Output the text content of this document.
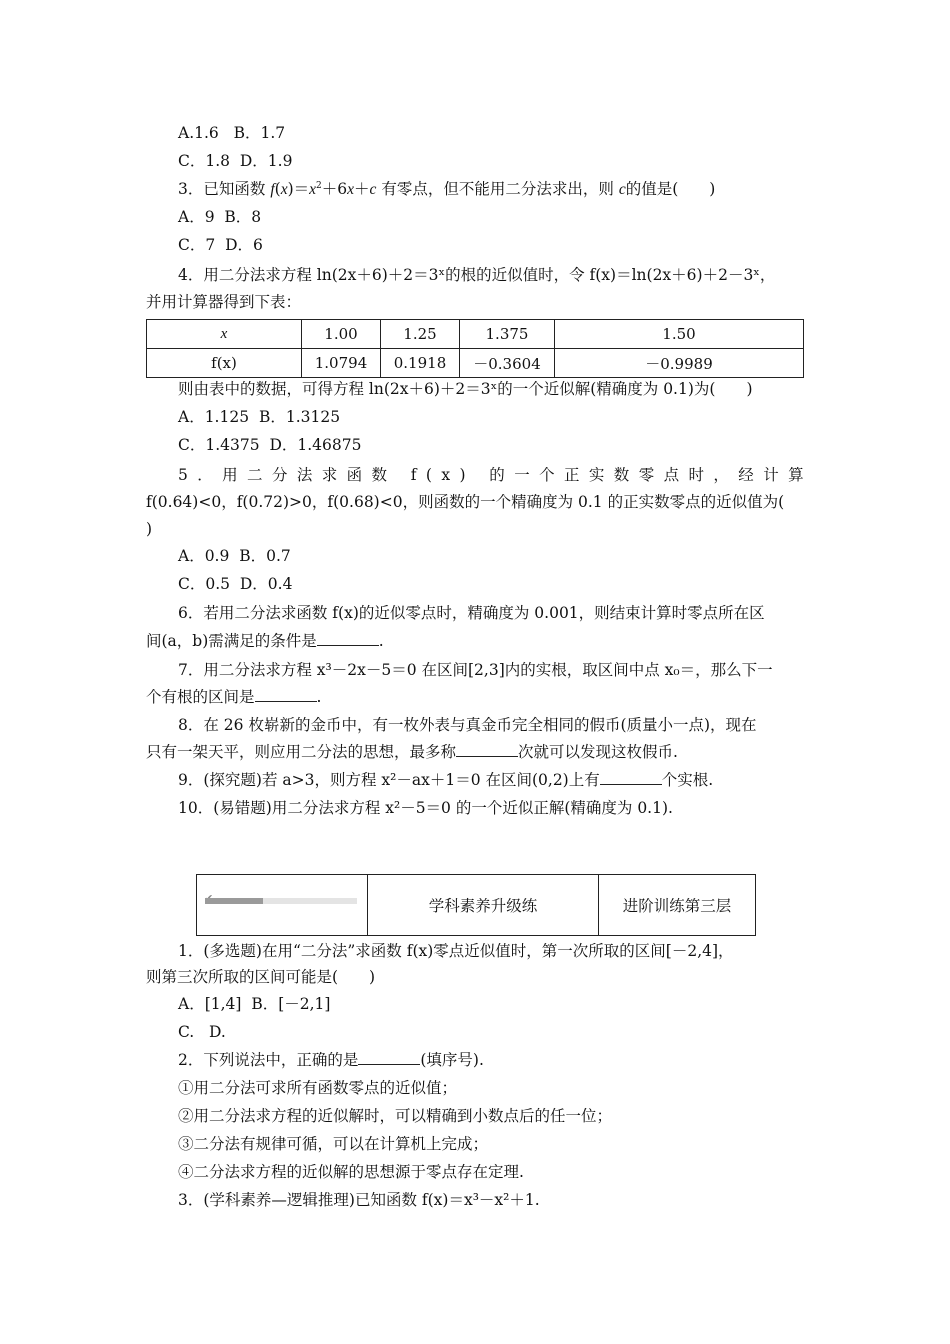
A.1.6 B．1.7
C．1.8 D．1.9
3．已知函数 $f(x)=x^2+6x+c$ 有零点，但不能用二分法求出，则 c的值是(　　)
A．9 B．8
C．7 D．6
4．用二分法求方程 ln(2x＋6)＋2＝3ˣ的根的近似值时，令 f(x)＝ln(2x＋6)＋2－3ˣ，
并用计算器得到下表：
x	1.00	1.25	1.375	1.50
f(x)	1.0794	0.1918	－0.3604	－0.9989
则由表中的数据，可得方程 ln(2x＋6)＋2＝3ˣ的一个近似解(精确度为 0.1)为(　　)
A．1.125 B．1.3125
C．1.4375 D．1.46875
5．用二分法求函数 f(x) 的一个正实数零点时，经计算
f(0.64)<0，f(0.72)>0，f(0.68)<0，则函数的一个精确度为 0.1 的正实数零点的近似值为(
)
A．0.9 B．0.7
C．0.5 D．0.4
6．若用二分法求函数 f(x)的近似零点时，精确度为 0.001，则结束计算时零点所在区
间(a，b)需满足的条件是	.
7．用二分法求方程 x³－2x－5＝0 在区间[2,3]内的实根，取区间中点 x₀＝，那么下一
个有根的区间是	.
8．在 26 枚崭新的金币中，有一枚外表与真金币完全相同的假币(质量小一点)，现在
只有一架天平，则应用二分法的思想，最多称	次就可以发现这枚假币.
9．(探究题)若 a>3，则方程 x²－ax＋1＝0 在区间(0,2)上有	个实根.
10．(易错题)用二分法求方程 x²－5＝0 的一个近似正解(精确度为 0.1).
学科素养升级练	进阶训练第三层
1．(多选题)在用“二分法”求函数 f(x)零点近似值时，第一次所取的区间[－2,4]，
则第三次所取的区间可能是(　　)
A．[1,4] B．[－2,1]
C. D.
2．下列说法中，正确的是	(填序号).
①用二分法可求所有函数零点的近似值；
②用二分法求方程的近似解时，可以精确到小数点后的任一位；
③二分法有规律可循，可以在计算机上完成；
④二分法求方程的近似解的思想源于零点存在定理.
3．(学科素养—逻辑推理)已知函数 f(x)＝x³－x²＋1.
